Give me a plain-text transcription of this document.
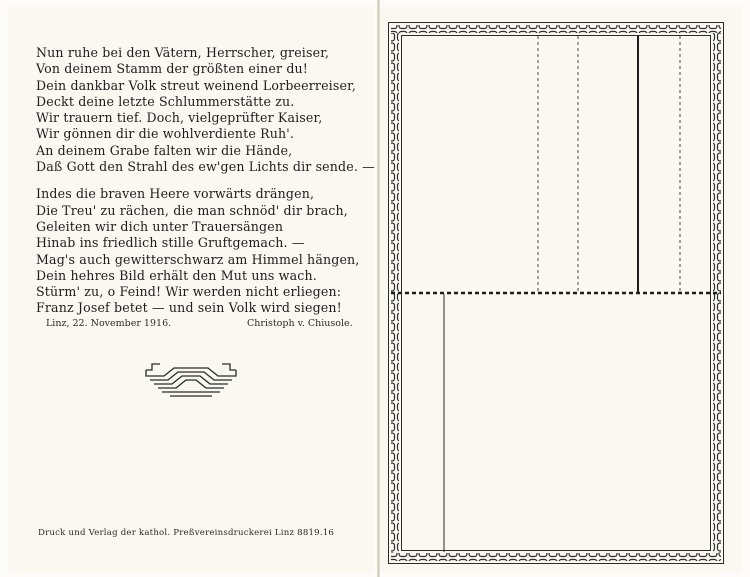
Nun ruhe bei den Vätern, Herrscher, greiser,
Von deinem Stamm der größten einer du!
Dein dankbar Volk streut weinend Lorbeerreiser,
Deckt deine letzte Schlummerstätte zu.
Wir trauern tief. Doch, vielgeprüfter Kaiser,
Wir gönnen dir die wohlverdiente Ruh'.
An deinem Grabe falten wir die Hände,
Daß Gott den Strahl des ew'gen Lichts dir sende. —
Indes die braven Heere vorwärts drängen,
Die Treu' zu rächen, die man schnöd' dir brach,
Geleiten wir dich unter Trauersängen
Hinab ins friedlich stille Gruftgemach. —
Mag's auch gewitterschwarz am Himmel hängen,
Dein hehres Bild erhält den Mut uns wach.
Stürm' zu, o Feind! Wir werden nicht erliegen:
Franz Josef betet — und sein Volk wird siegen!
Linz, 22. November 1916.	Christoph v. Chiusole.
Druck und Verlag der kathol. Preßvereinsdruckerei Linz 8819.16
